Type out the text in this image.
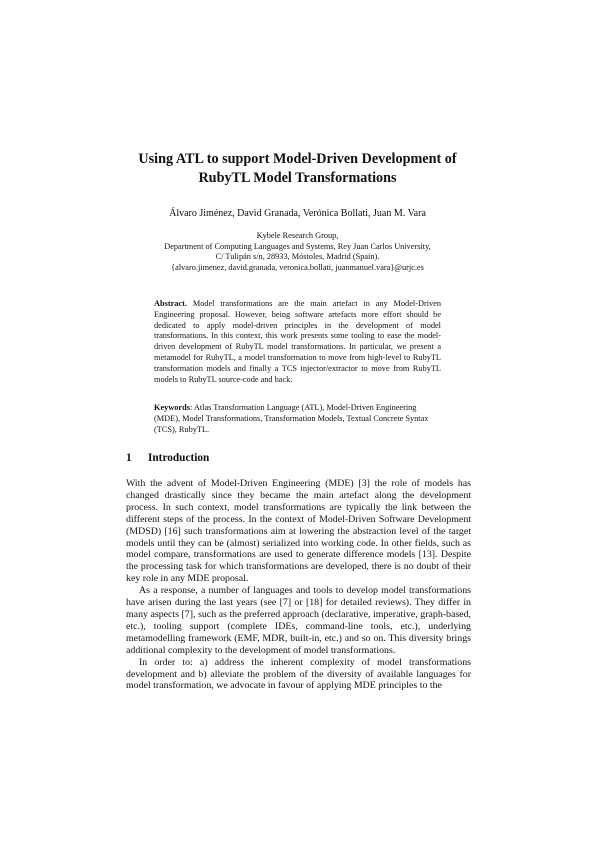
Using ATL to support Model-Driven Development of
RubyTL Model Transformations
Álvaro Jiménez, David Granada, Verónica Bollati, Juan M. Vara
Kybele Research Group,
Department of Computing Languages and Systems, Rey Juan Carlos University,
C/ Tulipán s/n, 28933, Móstoles, Madrid (Spain).
{alvaro.jimenez, david.granada, veronica.bollati, juanmanuel.vara}@urjc.es
Abstract. Model transformations are the main artefact in any Model-Driven Engineering proposal. However, being software artefacts more effort should be dedicated to apply model-driven principles in the development of model transformations. In this context, this work presents some tooling to ease the model-driven development of RubyTL model transformations. In particular, we present a metamodel for RubyTL, a model transformation to move from high-level to RubyTL transformation models and finally a TCS injector/extractor to move from RubyTL models to RubyTL source-code and back.
Keywords: Atlas Transformation Language (ATL), Model-Driven Engineering (MDE), Model Transformations, Transformation Models, Textual Concrete Syntax (TCS), RubyTL.
1 Introduction

With the advent of Model-Driven Engineering (MDE) [3] the role of models has changed drastically since they became the main artefact along the development process. In such context, model transformations are typically the link between the different steps of the process. In the context of Model-Driven Software Development (MDSD) [16] such transformations aim at lowering the abstraction level of the target models until they can be (almost) serialized into working code. In other fields, such as model compare, transformations are used to generate difference models [13]. Despite the processing task for which transformations are developed, there is no doubt of their key role in any MDE proposal.

As a response, a number of languages and tools to develop model transformations have arisen during the last years (see [7] or [18] for detailed reviews). They differ in many aspects [7], such as the preferred approach (declarative, imperative, graph-based, etc.), tooling support (complete IDEs, command-line tools, etc.), underlying metamodelling framework (EMF, MDR, built-in, etc.) and so on. This diversity brings additional complexity to the development of model transformations.

In order to: a) address the inherent complexity of model transformations development and b) alleviate the problem of the diversity of available languages for model transformation, we advocate in favour of applying MDE principles to the
